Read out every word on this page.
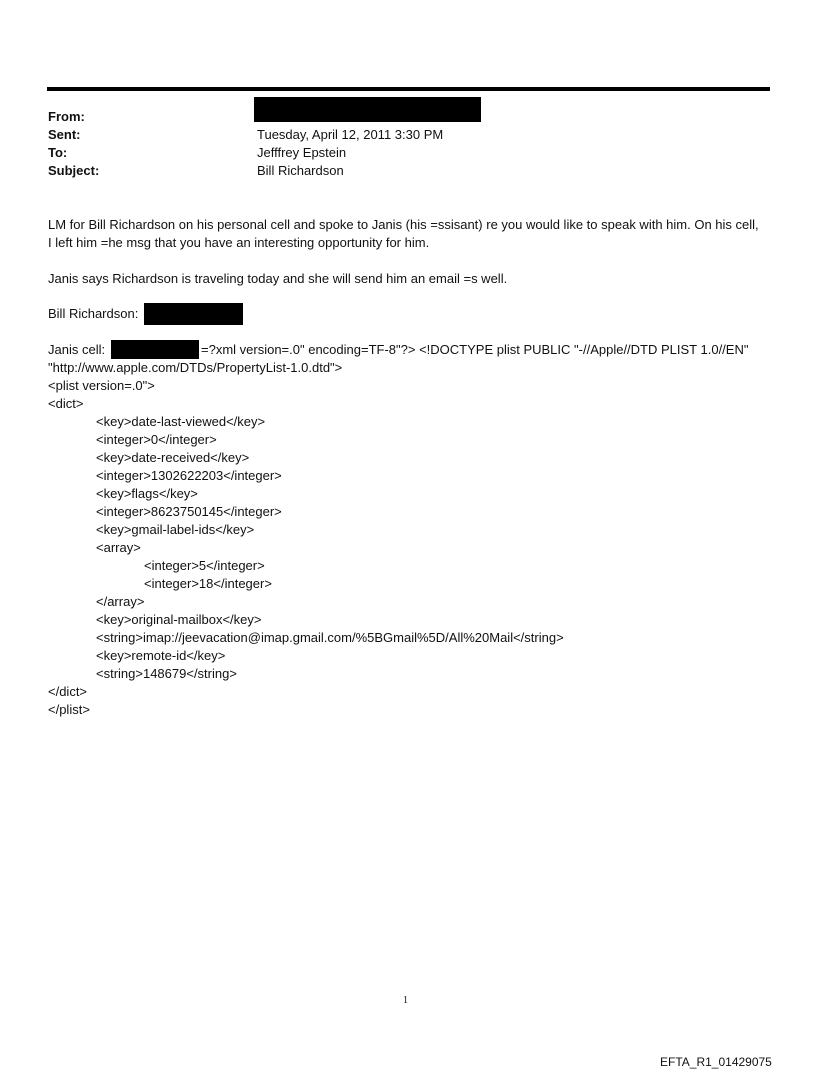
From:
Sent:	Tuesday, April 12, 2011 3:30 PM
To:	Jefffrey Epstein
Subject:	Bill Richardson
LM for Bill Richardson on his personal cell and spoke to Janis (his =ssisant) re you would like to speak with him. On his cell, I left him =he msg that you have an interesting opportunity for him.
Janis says Richardson is traveling today and she will send him an email =s well.
Bill Richardson:
Janis cell:	=?xml version=.0" encoding=TF-8"?> <!DOCTYPE plist PUBLIC "-//Apple//DTD PLIST 1.0//EN"
"http://www.apple.com/DTDs/PropertyList-1.0.dtd">
<plist version=.0">
<dict>
<key>date-last-viewed</key>
<integer>0</integer>
<key>date-received</key>
<integer>1302622203</integer>
<key>flags</key>
<integer>8623750145</integer>
<key>gmail-label-ids</key>
<array>
<integer>5</integer>
<integer>18</integer>
</array>
<key>original-mailbox</key>
<string>imap://jeevacation@imap.gmail.com/%5BGmail%5D/All%20Mail</string>
<key>remote-id</key>
<string>148679</string>
</dict>
</plist>
1
EFTA_R1_01429075
